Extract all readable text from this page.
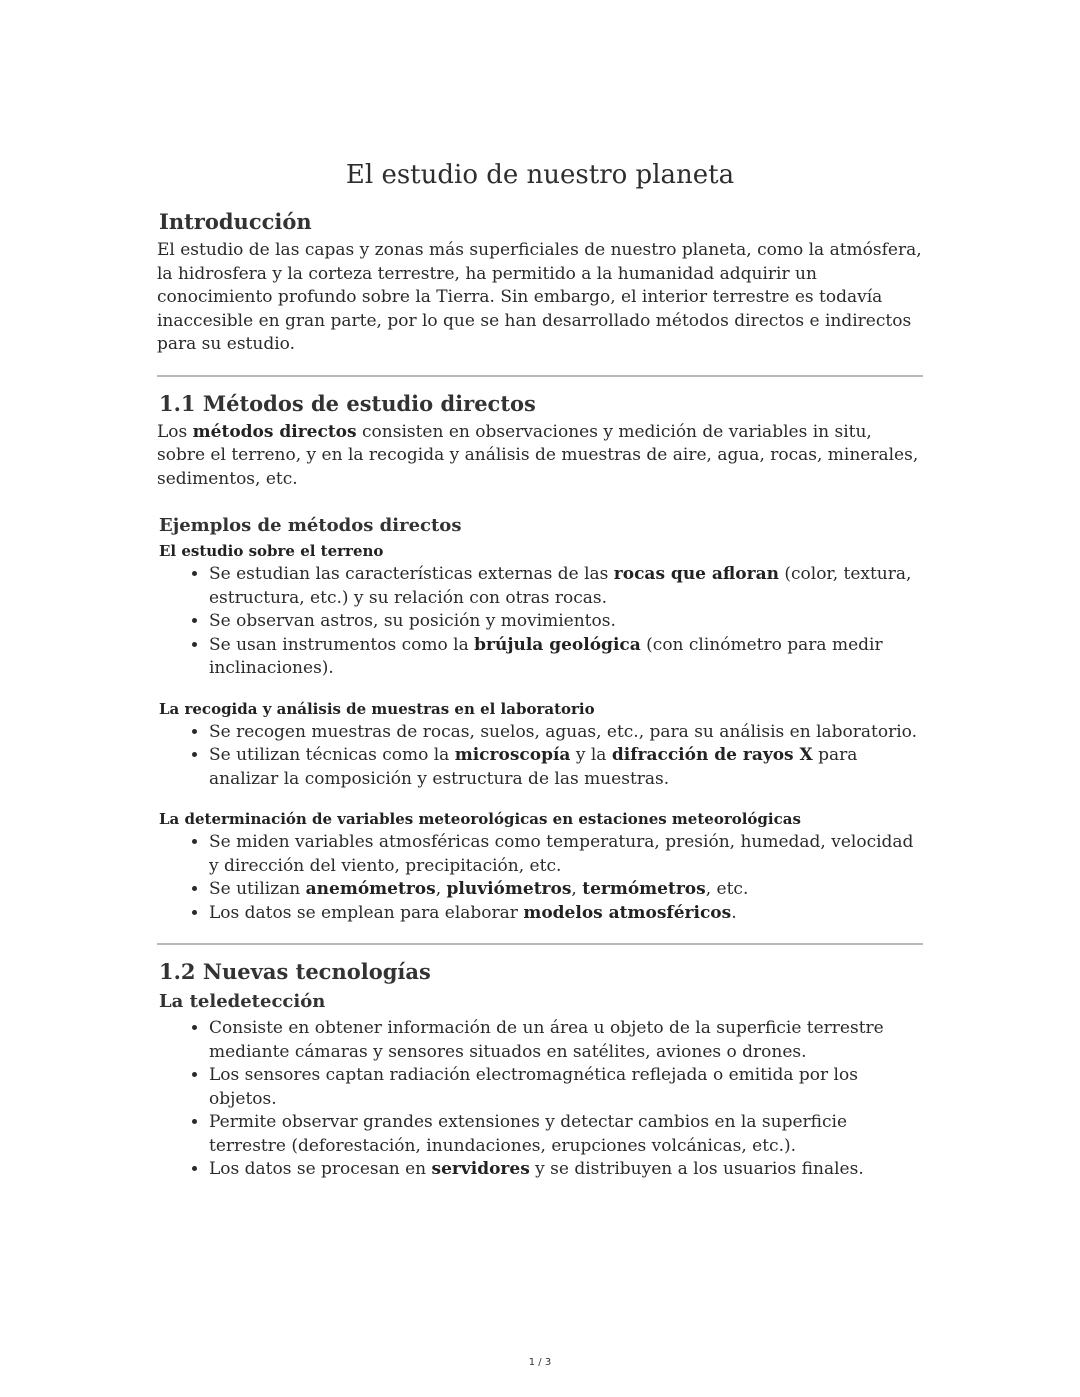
El estudio de nuestro planeta
Introducción

El estudio de las capas y zonas más superficiales de nuestro planeta, como la atmósfera, la hidrosfera y la corteza terrestre, ha permitido a la humanidad adquirir un conocimiento profundo sobre la Tierra. Sin embargo, el interior terrestre es todavía inaccesible en gran parte, por lo que se han desarrollado métodos directos e indirectos para su estudio.

1.1 Métodos de estudio directos

Los métodos directos consisten en observaciones y medición de variables in situ, sobre el terreno, y en la recogida y análisis de muestras de aire, agua, rocas, minerales, sedimentos, etc.

Ejemplos de métodos directos
El estudio sobre el terreno
• Se estudian las características externas de las rocas que afloran (color, textura, estructura, etc.) y su relación con otras rocas.
• Se observan astros, su posición y movimientos.
• Se usan instrumentos como la brújula geológica (con clinómetro para medir inclinaciones).
La recogida y análisis de muestras en el laboratorio
• Se recogen muestras de rocas, suelos, aguas, etc., para su análisis en laboratorio.
• Se utilizan técnicas como la microscopía y la difracción de rayos X para analizar la composición y estructura de las muestras.
La determinación de variables meteorológicas en estaciones meteorológicas
• Se miden variables atmosféricas como temperatura, presión, humedad, velocidad y dirección del viento, precipitación, etc.
• Se utilizan anemómetros, pluviómetros, termómetros, etc.
• Los datos se emplean para elaborar modelos atmosféricos.
1.2 Nuevas tecnologías
La teledetección
• Consiste en obtener información de un área u objeto de la superficie terrestre mediante cámaras y sensores situados en satélites, aviones o drones.
• Los sensores captan radiación electromagnética reflejada o emitida por los objetos.
• Permite observar grandes extensiones y detectar cambios en la superficie terrestre (deforestación, inundaciones, erupciones volcánicas, etc.).
• Los datos se procesan en servidores y se distribuyen a los usuarios finales.
1 / 3
